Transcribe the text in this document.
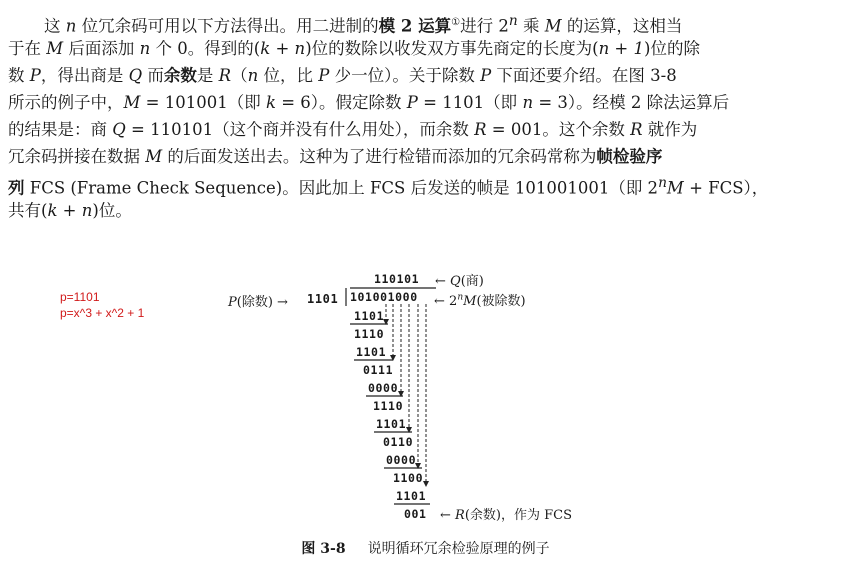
这 n 位冗余码可用以下方法得出。用二进制的模 2 运算①进行 2$^n$ 乘 M 的运算，这相当
于在 M 后面添加 n 个 0。得到的(k + n)位的数除以收发双方事先商定的长度为(n + 1)位的除
数 P，得出商是 Q 而余数是 R（n 位，比 P 少一位）。关于除数 P 下面还要介绍。在图 3-8
所示的例子中，M = 101001（即 k = 6）。假定除数 P = 1101（即 n = 3）。经模 2 除法运算后
的结果是：商 Q = 110101（这个商并没有什么用处），而余数 R = 001。这个余数 R 就作为
冗余码拼接在数据 M 的后面发送出去。这种为了进行检错而添加的冗余码常称为帧检验序
列 FCS (Frame Check Sequence)。因此加上 FCS 后发送的帧是 101001001（即 $2^nM + FCS$），
共有(k + n)位。
p=1101
p=x^3 + x^2 + 1
110101 ← Q(商)
P(除数) → 1101 101001000 ← 2$^n$M(被除数)
1101
1110
1101
0111
0000
1110
1101
0110
0000
1100
1101
001 ← R(余数)，作为 FCS
图 3-8 说明循环冗余检验原理的例子
